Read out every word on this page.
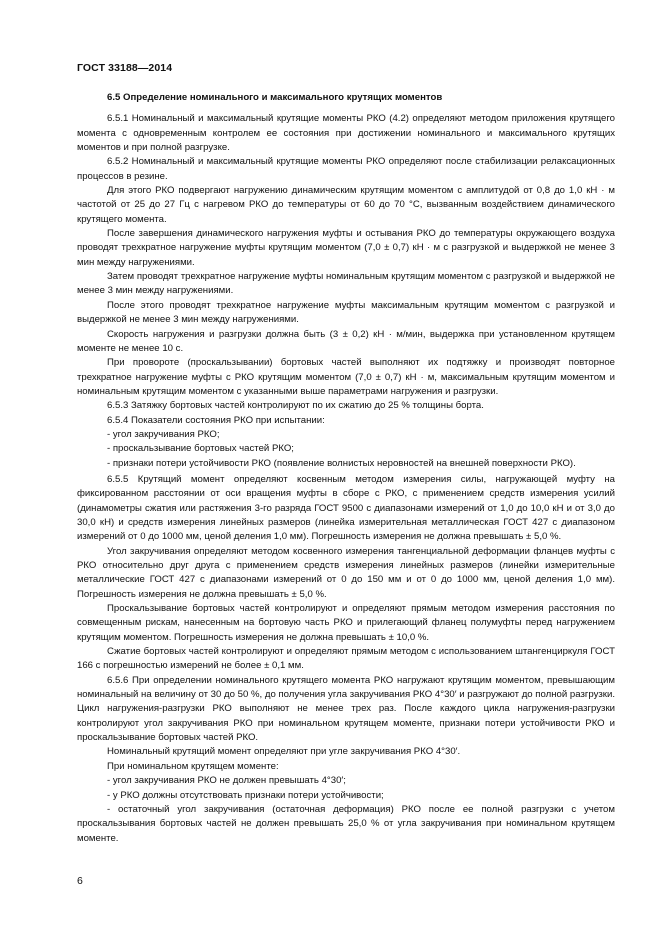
ГОСТ 33188—2014

6.5 Определение номинального и максимального крутящих моментов

6.5.1 Номинальный и максимальный крутящие моменты РКО (4.2) определяют методом приложения крутящего момента с одновременным контролем ее состояния при достижении номинального и максимального крутящих моментов и при полной разгрузке.

6.5.2 Номинальный и максимальный крутящие моменты РКО определяют после стабилизации релаксационных процессов в резине.

Для этого РКО подвергают нагружению динамическим крутящим моментом с амплитудой от 0,8 до 1,0 кН · м частотой от 25 до 27 Гц с нагревом РКО до температуры от 60 до 70 °С, вызванным воздействием динамического крутящего момента.

После завершения динамического нагружения муфты и остывания РКО до температуры окружающего воздуха проводят трехкратное нагружение муфты крутящим моментом (7,0 ± 0,7) кН · м с разгрузкой и выдержкой не менее 3 мин между нагружениями.

Затем проводят трехкратное нагружение муфты номинальным крутящим моментом с разгрузкой и выдержкой не менее 3 мин между нагружениями.

После этого проводят трехкратное нагружение муфты максимальным крутящим моментом с разгрузкой и выдержкой не менее 3 мин между нагружениями.

Скорость нагружения и разгрузки должна быть (3 ± 0,2) кН · м/мин, выдержка при установленном крутящем моменте не менее 10 с.

При провороте (проскальзывании) бортовых частей выполняют их подтяжку и производят повторное трехкратное нагружение муфты с РКО крутящим моментом (7,0 ± 0,7) кН · м, максимальным крутящим моментом и номинальным крутящим моментом с указанными выше параметрами нагружения и разгрузки.

6.5.3 Затяжку бортовых частей контролируют по их сжатию до 25 % толщины борта.

6.5.4 Показатели состояния РКО при испытании:

- угол закручивания РКО;

- проскальзывание бортовых частей РКО;

- признаки потери устойчивости РКО (появление волнистых неровностей на внешней поверхности РКО).

6.5.5 Крутящий момент определяют косвенным методом измерения силы, нагружающей муфту на фиксированном расстоянии от оси вращения муфты в сборе с РКО, с применением средств измерения усилий (динамометры сжатия или растяжения 3-го разряда ГОСТ 9500 с диапазонами измерений от 1,0 до 10,0 кН и от 3,0 до 30,0 кН) и средств измерения линейных размеров (линейка измерительная металлическая ГОСТ 427 с диапазоном измерений от 0 до 1000 мм, ценой деления 1,0 мм). Погрешность измерения не должна превышать ± 5,0 %.

Угол закручивания определяют методом косвенного измерения тангенциальной деформации фланцев муфты с РКО относительно друг друга с применением средств измерения линейных размеров (линейки измерительные металлические ГОСТ 427 с диапазонами измерений от 0 до 150 мм и от 0 до 1000 мм, ценой деления 1,0 мм). Погрешность измерения не должна превышать ± 5,0 %.

Проскальзывание бортовых частей контролируют и определяют прямым методом измерения расстояния по совмещенным рискам, нанесенным на бортовую часть РКО и прилегающий фланец полумуфты перед нагружением крутящим моментом. Погрешность измерения не должна превышать ± 10,0 %.

Сжатие бортовых частей контролируют и определяют прямым методом с использованием штангенциркуля ГОСТ 166 с погрешностью измерений не более ± 0,1 мм.

6.5.6 При определении номинального крутящего момента РКО нагружают крутящим моментом, превышающим номинальный на величину от 30 до 50 %, до получения угла закручивания РКО 4°30′ и разгружают до полной разгрузки. Цикл нагружения-разгрузки РКО выполняют не менее трех раз. После каждого цикла нагружения-разгрузки контролируют угол закручивания РКО при номинальном крутящем моменте, признаки потери устойчивости РКО и проскальзывание бортовых частей РКО.

Номинальный крутящий момент определяют при угле закручивания РКО 4°30′.

При номинальном крутящем моменте:

- угол закручивания РКО не должен превышать 4°30′;

- у РКО должны отсутствовать признаки потери устойчивости;

- остаточный угол закручивания (остаточная деформация) РКО после ее полной разгрузки с учетом проскальзывания бортовых частей не должен превышать 25,0 % от угла закручивания при номинальном крутящем моменте.

6
